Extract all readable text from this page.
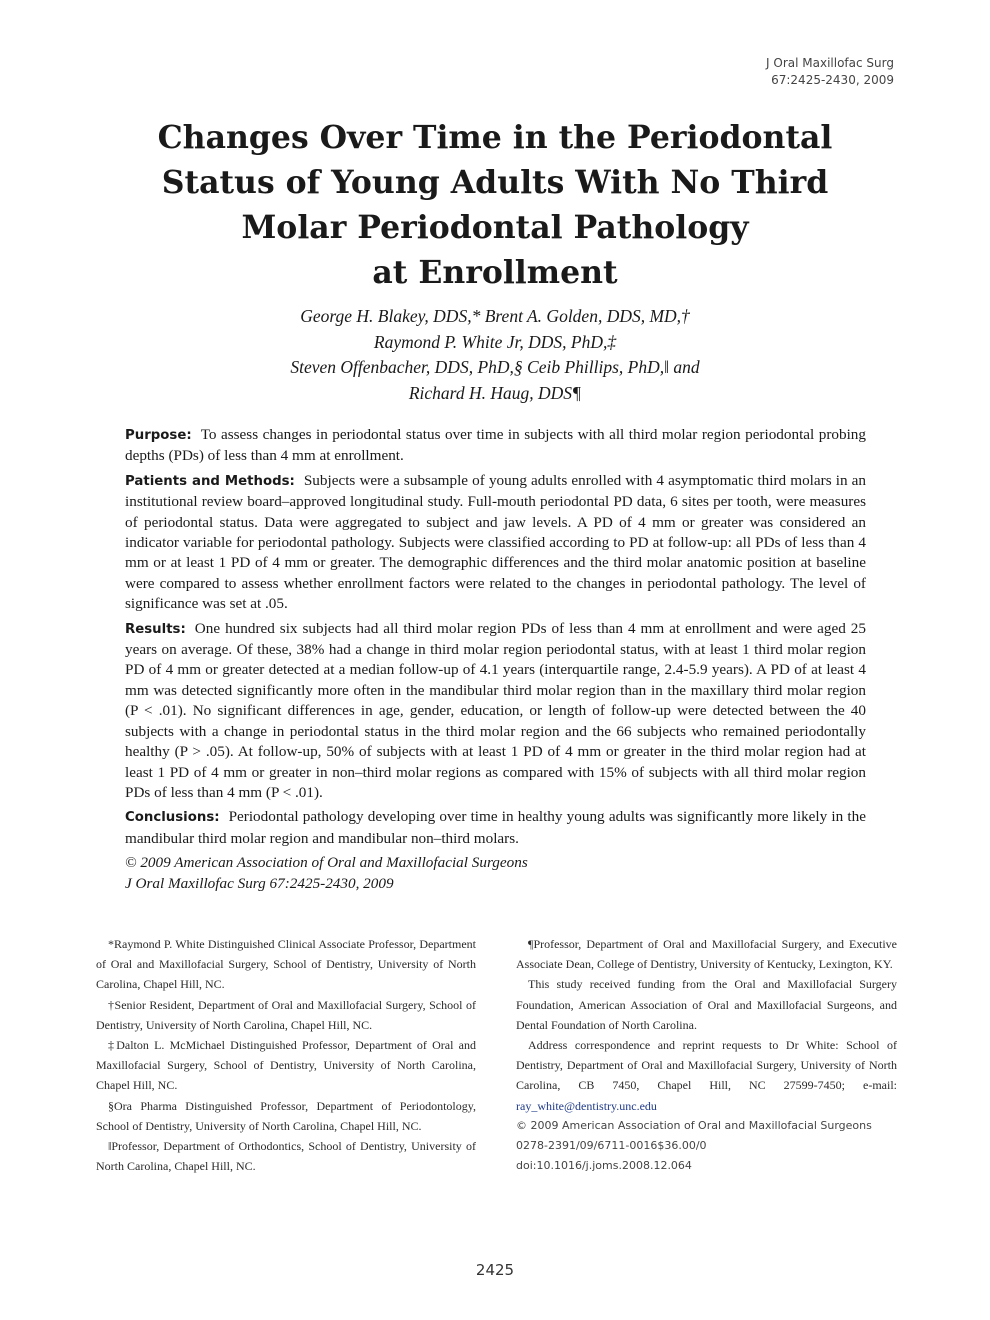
J Oral Maxillofac Surg
67:2425-2430, 2009
Changes Over Time in the Periodontal
Status of Young Adults With No Third
Molar Periodontal Pathology
at Enrollment
George H. Blakey, DDS,* Brent A. Golden, DDS, MD,†
Raymond P. White Jr, DDS, PhD,‡
Steven Offenbacher, DDS, PhD,§ Ceib Phillips, PhD,‖ and
Richard H. Haug, DDS¶

Purpose: To assess changes in periodontal status over time in subjects with all third molar region periodontal probing depths (PDs) of less than 4 mm at enrollment.

Patients and Methods: Subjects were a subsample of young adults enrolled with 4 asymptomatic third molars in an institutional review board–approved longitudinal study. Full-mouth periodontal PD data, 6 sites per tooth, were measures of periodontal status. Data were aggregated to subject and jaw levels. A PD of 4 mm or greater was considered an indicator variable for periodontal pathology. Subjects were classified according to PD at follow-up: all PDs of less than 4 mm or at least 1 PD of 4 mm or greater. The demographic differences and the third molar anatomic position at baseline were compared to assess whether enrollment factors were related to the changes in periodontal pathology. The level of significance was set at .05.

Results: One hundred six subjects had all third molar region PDs of less than 4 mm at enrollment and were aged 25 years on average. Of these, 38% had a change in third molar region periodontal status, with at least 1 third molar region PD of 4 mm or greater detected at a median follow-up of 4.1 years (interquartile range, 2.4-5.9 years). A PD of at least 4 mm was detected significantly more often in the mandibular third molar region than in the maxillary third molar region (P < .01). No significant differences in age, gender, education, or length of follow-up were detected between the 40 subjects with a change in periodontal status in the third molar region and the 66 subjects who remained periodontally healthy (P > .05). At follow-up, 50% of subjects with at least 1 PD of 4 mm or greater in the third molar region had at least 1 PD of 4 mm or greater in non–third molar regions as compared with 15% of subjects with all third molar region PDs of less than 4 mm (P < .01).

Conclusions: Periodontal pathology developing over time in healthy young adults was significantly more likely in the mandibular third molar region and mandibular non–third molars.

© 2009 American Association of Oral and Maxillofacial Surgeons

J Oral Maxillofac Surg 67:2425-2430, 2009

*Raymond P. White Distinguished Clinical Associate Professor, Department of Oral and Maxillofacial Surgery, School of Dentistry, University of North Carolina, Chapel Hill, NC.

†Senior Resident, Department of Oral and Maxillofacial Surgery, School of Dentistry, University of North Carolina, Chapel Hill, NC.

‡Dalton L. McMichael Distinguished Professor, Department of Oral and Maxillofacial Surgery, School of Dentistry, University of North Carolina, Chapel Hill, NC.

§Ora Pharma Distinguished Professor, Department of Periodontology, School of Dentistry, University of North Carolina, Chapel Hill, NC.

‖Professor, Department of Orthodontics, School of Dentistry, University of North Carolina, Chapel Hill, NC.

¶Professor, Department of Oral and Maxillofacial Surgery, and Executive Associate Dean, College of Dentistry, University of Kentucky, Lexington, KY.

This study received funding from the Oral and Maxillofacial Surgery Foundation, American Association of Oral and Maxillofacial Surgeons, and Dental Foundation of North Carolina.

Address correspondence and reprint requests to Dr White: School of Dentistry, Department of Oral and Maxillofacial Surgery, University of North Carolina, CB 7450, Chapel Hill, NC 27599-7450; e-mail: ray_white@dentistry.unc.edu

© 2009 American Association of Oral and Maxillofacial Surgeons

0278-2391/09/6711-0016$36.00/0

doi:10.1016/j.joms.2008.12.064

2425
